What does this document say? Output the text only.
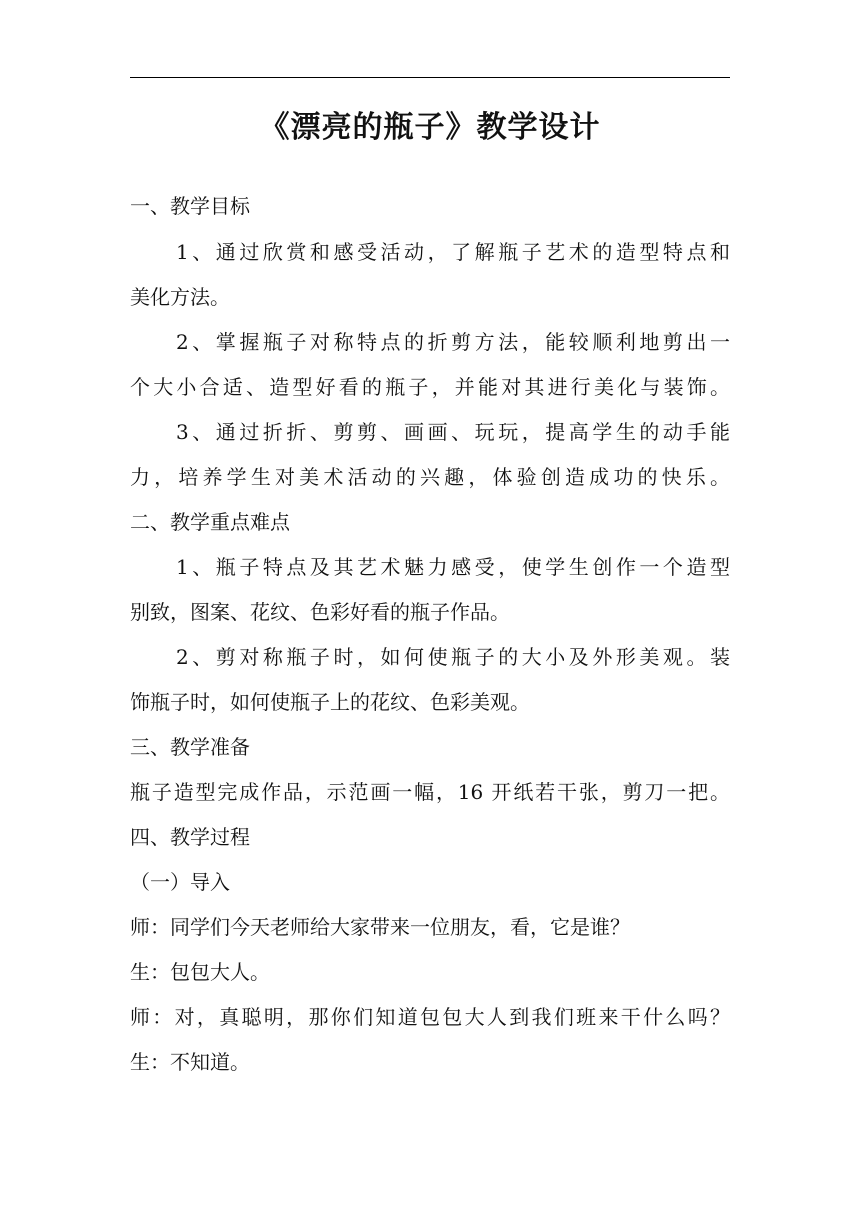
《漂亮的瓶子》教学设计
一、教学目标
1、通过欣赏和感受活动，了解瓶子艺术的造型特点和
美化方法。
2、掌握瓶子对称特点的折剪方法，能较顺利地剪出一
个大小合适、造型好看的瓶子，并能对其进行美化与装饰。
3、通过折折、剪剪、画画、玩玩，提高学生的动手能
力，培养学生对美术活动的兴趣，体验创造成功的快乐。
二、教学重点难点
1、瓶子特点及其艺术魅力感受，使学生创作一个造型
别致，图案、花纹、色彩好看的瓶子作品。
2、剪对称瓶子时，如何使瓶子的大小及外形美观。装
饰瓶子时，如何使瓶子上的花纹、色彩美观。
三、教学准备
瓶子造型完成作品，示范画一幅，16 开纸若干张，剪刀一把。
四、教学过程
（一）导入
师：同学们今天老师给大家带来一位朋友，看，它是谁？
生：包包大人。
师：对，真聪明，那你们知道包包大人到我们班来干什么吗？
生：不知道。
